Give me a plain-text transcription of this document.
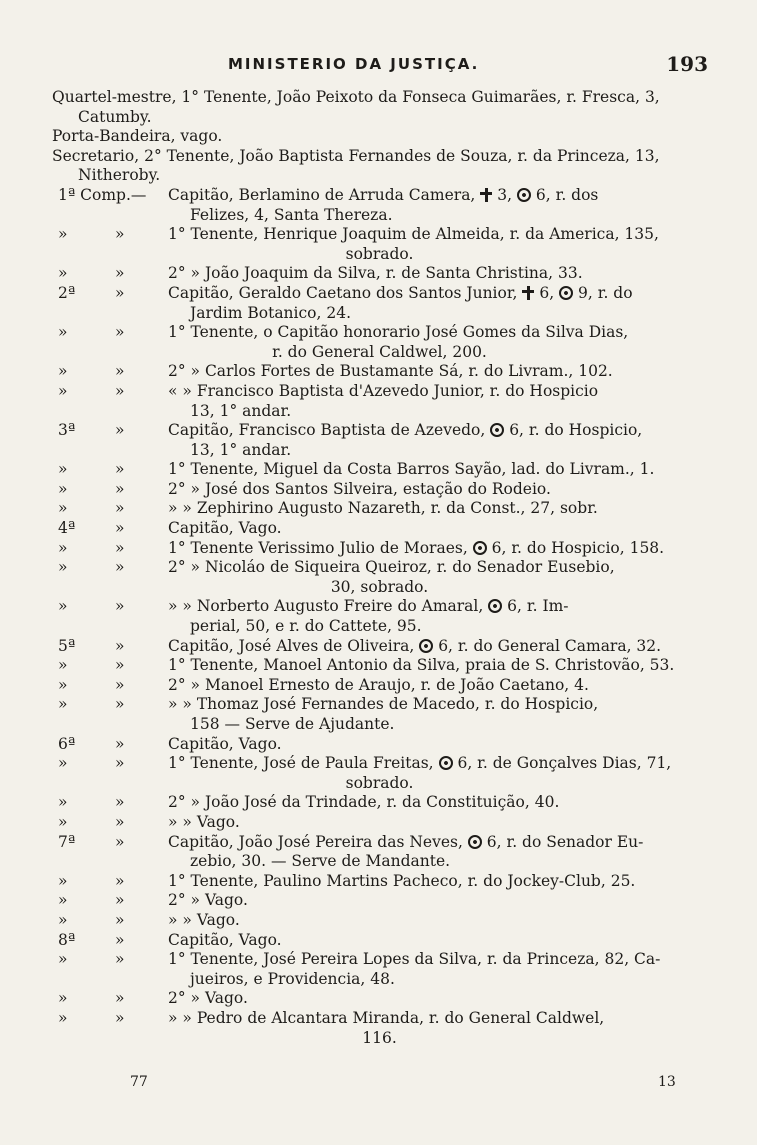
MINISTERIO DA JUSTIÇA.	193
Quartel-mestre, 1° Tenente, João Peixoto da Fonseca Guimarães, r. Fresca, 3,
Catumby.
Porta-Bandeira, vago.
Secretario, 2° Tenente, João Baptista Fernandes de Souza, r. da Princeza, 13,
Nitheroby.
1ª Comp.— Capitão, Berlamino de Arruda Camera, 3, 6, r. dos
Felizes, 4, Santa Thereza.
»	»	1° Tenente, Henrique Joaquim de Almeida, r. da America, 135,
sobrado.
»	»	2° » João Joaquim da Silva, r. de Santa Christina, 33.
2ª	»	Capitão, Geraldo Caetano dos Santos Junior, 6, 9, r. do
Jardim Botanico, 24.
»	»	1° Tenente, o Capitão honorario José Gomes da Silva Dias,
r. do General Caldwel, 200.
»	»	2° » Carlos Fortes de Bustamante Sá, r. do Livram., 102.
»	»	« » Francisco Baptista d'Azevedo Junior, r. do Hospicio
13, 1° andar.
3ª	»	Capitão, Francisco Baptista de Azevedo, 6, r. do Hospicio,
13, 1° andar.
»	»	1° Tenente, Miguel da Costa Barros Sayão, lad. do Livram., 1.
»	»	2° » José dos Santos Silveira, estação do Rodeio.
»	»	» » Zephirino Augusto Nazareth, r. da Const., 27, sobr.
4ª	»	Capitão, Vago.
»	»	1° Tenente Verissimo Julio de Moraes, 6, r. do Hospicio, 158.
»	»	2° » Nicoláo de Siqueira Queiroz, r. do Senador Eusebio,
30, sobrado.
»	»	» » Norberto Augusto Freire do Amaral, 6, r. Im-
perial, 50, e r. do Cattete, 95.
5ª	»	Capitão, José Alves de Oliveira, 6, r. do General Camara, 32.
»	»	1° Tenente, Manoel Antonio da Silva, praia de S. Christovão, 53.
»	»	2° » Manoel Ernesto de Araujo, r. de João Caetano, 4.
»	»	» » Thomaz José Fernandes de Macedo, r. do Hospicio,
158 — Serve de Ajudante.
6ª	»	Capitão, Vago.
»	»	1° Tenente, José de Paula Freitas, 6, r. de Gonçalves Dias, 71,
sobrado.
»	»	2° » João José da Trindade, r. da Constituição, 40.
»	»	» » Vago.
7ª	»	Capitão, João José Pereira das Neves, 6, r. do Senador Eu-
zebio, 30. — Serve de Mandante.
»	»	1° Tenente, Paulino Martins Pacheco, r. do Jockey-Club, 25.
»	»	2° » Vago.
»	»	» » Vago.
8ª	»	Capitão, Vago.
»	»	1° Tenente, José Pereira Lopes da Silva, r. da Princeza, 82, Ca-
jueiros, e Providencia, 48.
»	»	2° » Vago.
»	»	» » Pedro de Alcantara Miranda, r. do General Caldwel,
116.
77	13
